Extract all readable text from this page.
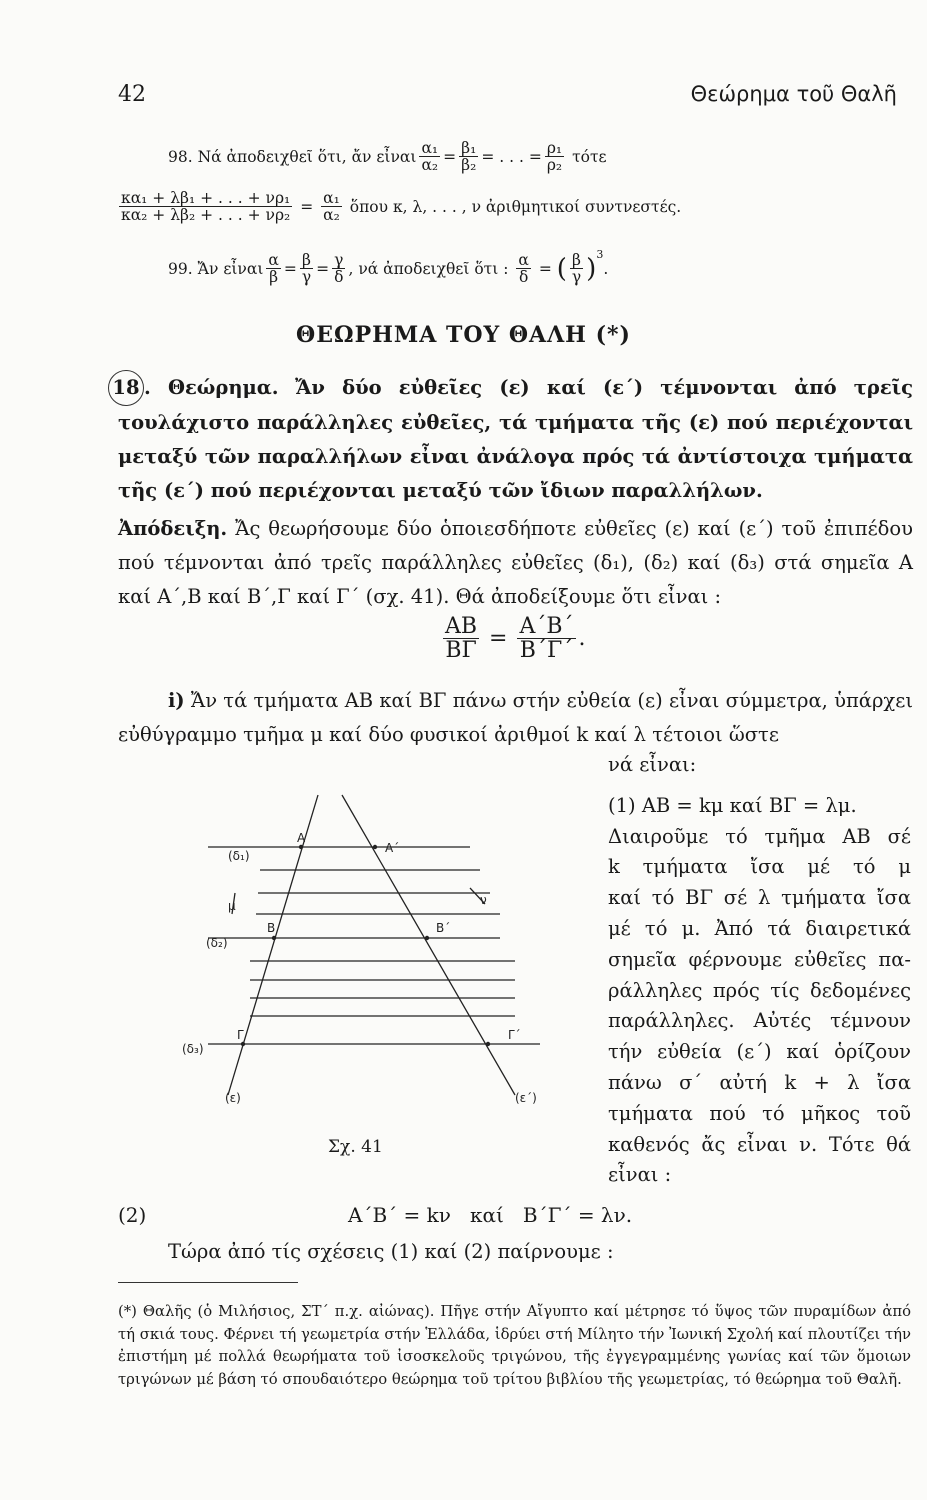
42	Θεώρημα τοῦ Θαλῆ
98 . Νά ἀποδειχθεῖ ὅτι, ἄν εἶναι $\frac{\text{α₁}}{\text{α₂}} = \frac{\text{β₁}}{\text{β₂}}$ = . . . = $\frac{\text{ρ₁}}{\text{ρ₂}}$
τότε
$\frac{\text{κα₁ + λβ₁ + . . . + νρ₁}}{\text{κα₂ + λβ₂ + . . . + νρ₂}} = \frac{\text{α₁}}{\text{α₂}}$
ὅπου κ, λ, . . . , ν ἀριθμητικοί συντνεστές.
99 . Ἄν εἶναι $\frac{\alpha}{\beta} = \frac{\beta}{\gamma} = \frac{\gamma}{\delta}$ , νά ἀποδειχθεῖ ὅτι :
$\frac{\alpha}{\delta}$ = ( $\frac{\beta}{\gamma} )^3$
.
ΘΕΩΡΗΜΑ ΤΟΥ ΘΑΛΗ (*)
18 . Θεώρημα. Ἄν δύο εὐθεῖες (ε) καί (ε΄) τέμνονται ἀπό τρεῖς τουλάχιστο παράλληλες εὐθεῖες, τά τμήματα τῆς (ε) πού περιέχονται μεταξύ τῶν παραλλήλων εἶναι ἀνάλογα πρός τά ἀντίστοιχα τμήματα τῆς (ε΄) πού περιέχονται μεταξύ τῶν ἴδιων παραλλήλων.
Ἀπόδειξη. Ἄς θεωρήσουμε δύο ὁποιεσδήποτε εὐθεῖες (ε) καί (ε΄) τοῦ ἐπιπέδου πού τέμνονται ἀπό τρεῖς παράλληλες εὐθεῖες (δ₁), (δ₂) καί (δ₃) στά σημεῖα Α καί Α΄,Β καί Β΄,Γ καί Γ΄ (σχ. 41). Θά ἀποδείξουμε ὅτι εἶναι :
$\frac{AB}{B\Gamma} = \frac{A΄B΄}{B΄\Gamma΄}$ .
i) Ἄν τά τμήματα ΑΒ καί ΒΓ πάνω στήν εὐθεία (ε) εἶναι σύμμετρα, ὑπάρχει εὐθύγραμμο τμῆμα μ καί δύο φυσικοί ἀριθμοί k καί λ τέτοιοι ὥστε
νά εἶναι:
(1) ΑΒ = kμ καί ΒΓ = λμ.
Διαιροῦμε τό τμῆμα ΑΒ σέ
k τμήματα ἴσα μέ τό μ
καί τό ΒΓ σέ λ τμήματα ἴσα
μέ τό μ. Ἀπό τά διαιρετικά
σημεῖα φέρνουμε εὐθεῖες πα-
ράλληλες πρός τίς δεδομένες
παράλληλες. Αὐτές τέμνουν
τήν εὐθεία (ε΄) καί ὁρίζουν
πάνω σ΄ αὐτή k + λ ἴσα
τμήματα πού τό μῆκος τοῦ
καθενός ἄς εἶναι ν. Τότε θά
εἶναι :
(δ₁)
(δ₂)
(δ₃)
μ	ν
Α
Α΄
Β	Β΄
Γ	Γ΄
(ε)	(ε΄)
Σχ. 41
(2)	Α΄Β΄ = kν   καί   Β΄Γ΄ = λν.
Τώρα ἀπό τίς σχέσεις (1) καί (2) παίρνουμε :
(*) Θαλῆς (ὁ Μιλήσιος, ΣΤ΄ π.χ. αἰώνας). Πῆγε στήν Αἴγυπτο καί μέτρησε τό ὕψος τῶν πυραμίδων ἀπό τή σκιά τους. Φέρνει τή γεωμετρία στήν Ἑλλάδα, ἱδρύει στή Μίλητο τήν Ἰωνική Σχολή καί πλουτίζει τήν ἐπιστήμη μέ πολλά θεωρήματα τοῦ ἰσοσκελοῦς τριγώνου, τῆς ἐγγεγραμμένης γωνίας καί τῶν ὅμοιων τριγώνων μέ βάση τό σπουδαιότερο θεώρημα τοῦ τρίτου βιβλίου τῆς γεωμετρίας, τό θεώρημα τοῦ Θαλῆ.
